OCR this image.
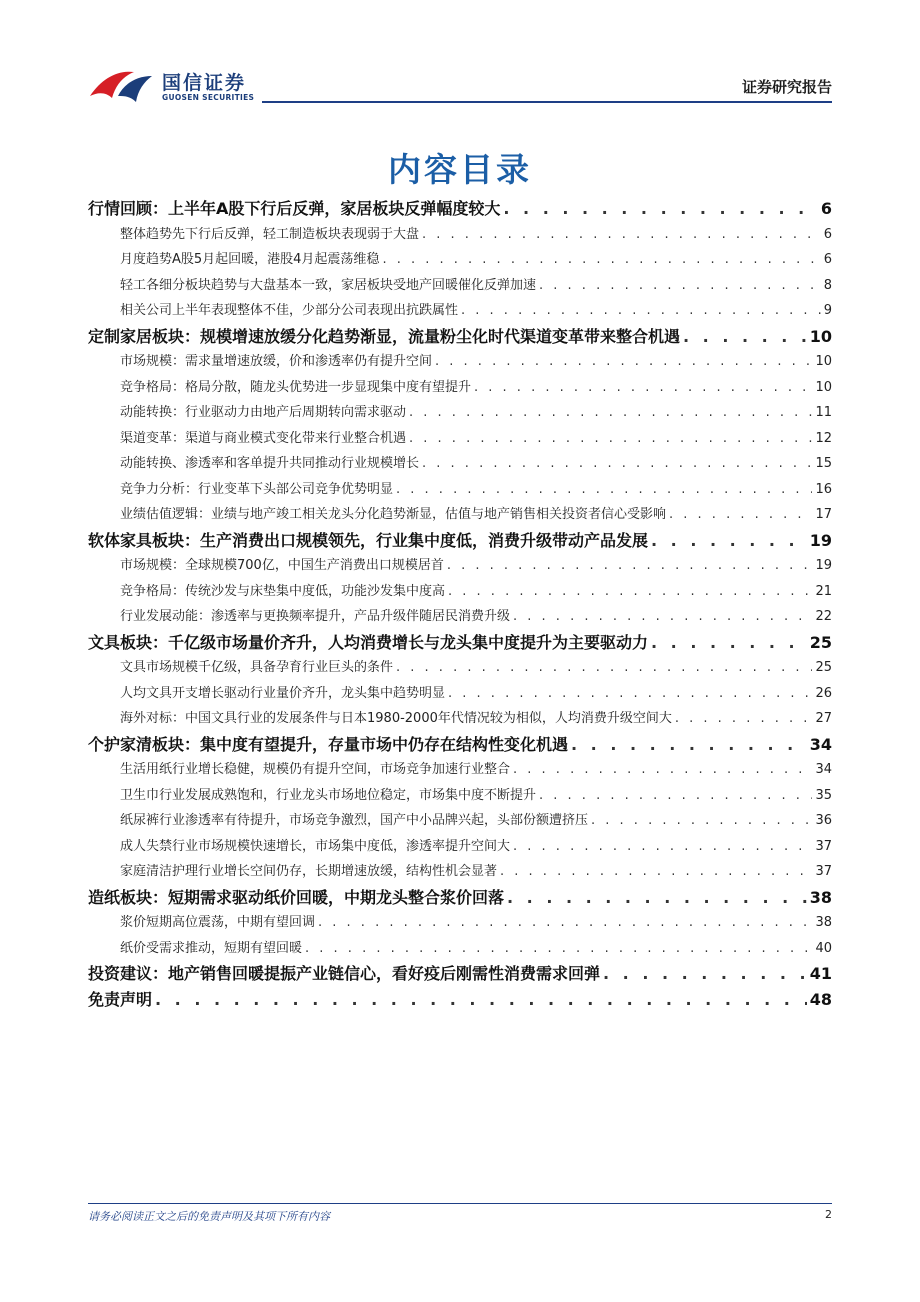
国信证券
GUOSEN SECURITIES
证券研究报告
内容目录
行情回顾：上半年A股下行后反弹，家居板块反弹幅度较大 . . .	6
整体趋势先下行后反弹，轻工制造板块表现弱于大盘 . . .	6
月度趋势A股5月起回暖，港股4月起震荡维稳 . . .	6
轻工各细分板块趋势与大盘基本一致，家居板块受地产回暖催化反弹加速 . . .	8
相关公司上半年表现整体不佳，少部分公司表现出抗跌属性 . . .	9
定制家居板块：规模增速放缓分化趋势渐显，流量粉尘化时代渠道变革带来整合机遇 . . .	10
市场规模：需求量增速放缓，价和渗透率仍有提升空间 . . .	10
竞争格局：格局分散，随龙头优势进一步显现集中度有望提升 . . .	10
动能转换：行业驱动力由地产后周期转向需求驱动 . . .	11
渠道变革：渠道与商业模式变化带来行业整合机遇 . . .	12
动能转换、渗透率和客单提升共同推动行业规模增长 . . .	15
竞争力分析：行业变革下头部公司竞争优势明显 . . .	16
业绩估值逻辑：业绩与地产竣工相关龙头分化趋势渐显，估值与地产销售相关投资者信心受影响 . . .	17
软体家具板块：生产消费出口规模领先，行业集中度低，消费升级带动产品发展 . . .	19
市场规模：全球规模700亿，中国生产消费出口规模居首 . . .	19
竞争格局：传统沙发与床垫集中度低，功能沙发集中度高 . . .	21
行业发展动能：渗透率与更换频率提升，产品升级伴随居民消费升级 . . .	22
文具板块：千亿级市场量价齐升，人均消费增长与龙头集中度提升为主要驱动力 . . .	25
文具市场规模千亿级，具备孕育行业巨头的条件 . . .	25
人均文具开支增长驱动行业量价齐升，龙头集中趋势明显 . . .	26
海外对标：中国文具行业的发展条件与日本1980-2000年代情况较为相似，人均消费升级空间大 . . .	27
个护家清板块：集中度有望提升，存量市场中仍存在结构性变化机遇 . . .	34
生活用纸行业增长稳健，规模仍有提升空间，市场竞争加速行业整合 . . .	34
卫生巾行业发展成熟饱和，行业龙头市场地位稳定，市场集中度不断提升 . . .	35
纸尿裤行业渗透率有待提升，市场竞争激烈，国产中小品牌兴起，头部份额遭挤压 . . .	36
成人失禁行业市场规模快速增长，市场集中度低，渗透率提升空间大 . . .	37
家庭清洁护理行业增长空间仍存，长期增速放缓，结构性机会显著 . . .	37
造纸板块：短期需求驱动纸价回暖，中期龙头整合浆价回落 . . .	38
浆价短期高位震荡，中期有望回调 . . .	38
纸价受需求推动，短期有望回暖 . . .	40
投资建议：地产销售回暖提振产业链信心，看好疫后刚需性消费需求回弹 . . .	41
免责声明 . . .	48
请务必阅读正文之后的免责声明及其项下所有内容	2
